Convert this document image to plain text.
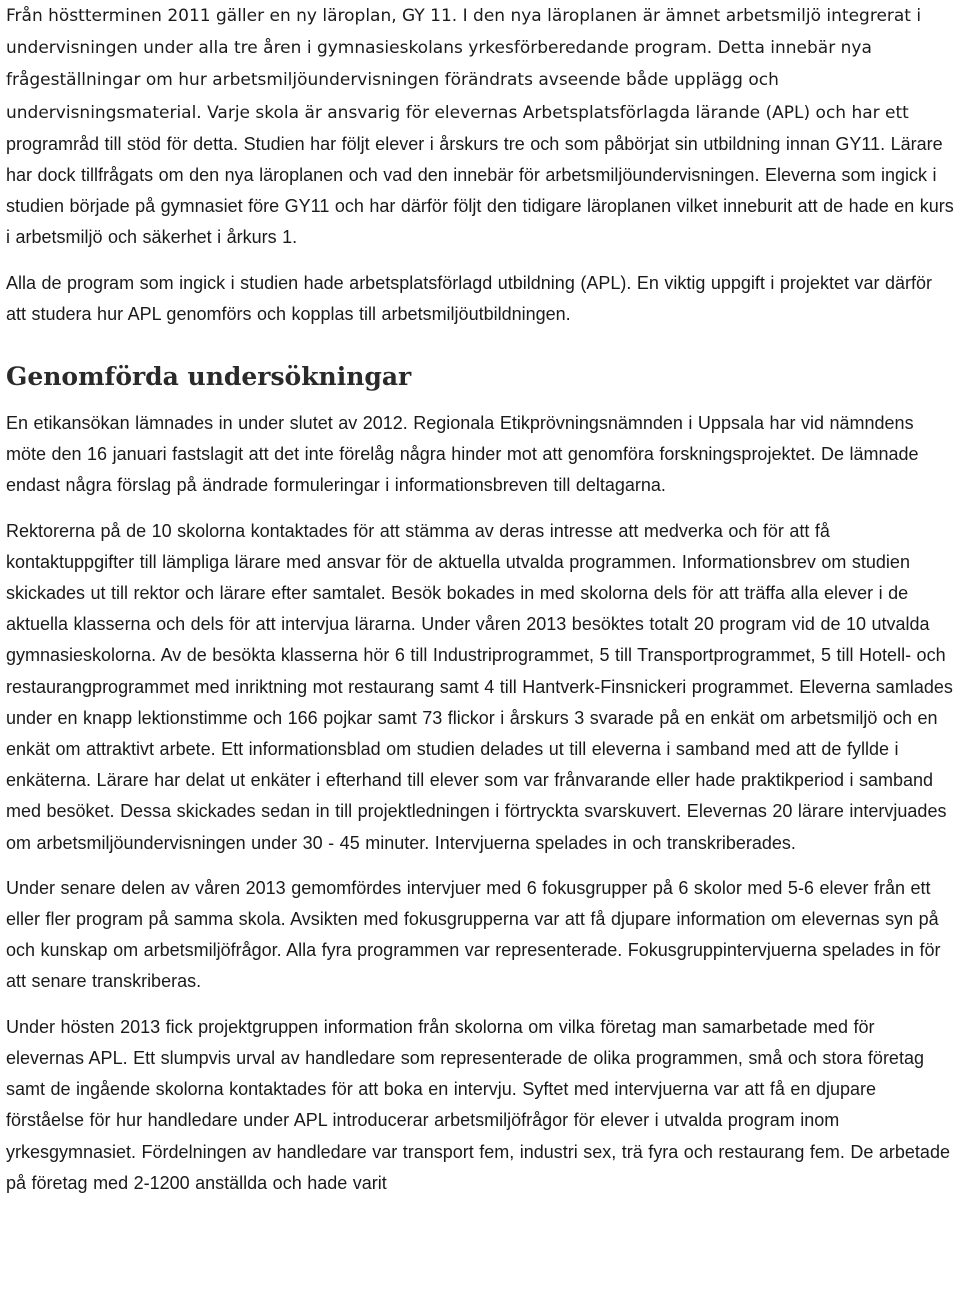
Från höstterminen 2011 gäller en ny läroplan, GY 11. I den nya läroplanen är ämnet arbetsmiljö integrerat i undervisningen under alla tre åren i gymnasieskolans yrkesförberedande program. Detta innebär nya frågeställningar om hur arbetsmiljöundervisningen förändrats avseende både upplägg och undervisningsmaterial. Varje skola är ansvarig för elevernas Arbetsplatsförlagda lärande (APL) och har ett programråd till stöd för detta. Studien har följt elever i årskurs tre och som påbörjat sin utbildning innan GY11. Lärare har dock tillfrågats om den nya läroplanen och vad den innebär för arbetsmiljöundervisningen. Eleverna som ingick i studien började på gymnasiet före GY11 och har därför följt den tidigare läroplanen vilket inneburit att de hade en kurs i arbetsmiljö och säkerhet i årkurs 1.

Alla de program som ingick i studien hade arbetsplatsförlagd utbildning (APL). En viktig uppgift i projektet var därför att studera hur APL genomförs och kopplas till arbetsmiljöutbildningen.

Genomförda undersökningar

En etikansökan lämnades in under slutet av 2012. Regionala Etikprövningsnämnden i Uppsala har vid nämndens möte den 16 januari fastslagit att det inte förelåg några hinder mot att genomföra forskningsprojektet. De lämnade endast några förslag på ändrade formuleringar i informationsbreven till deltagarna.

Rektorerna på de 10 skolorna kontaktades för att stämma av deras intresse att medverka och för att få kontaktuppgifter till lämpliga lärare med ansvar för de aktuella utvalda programmen. Informationsbrev om studien skickades ut till rektor och lärare efter samtalet. Besök bokades in med skolorna dels för att träffa alla elever i de aktuella klasserna och dels för att intervjua lärarna. Under våren 2013 besöktes totalt 20 program vid de 10 utvalda gymnasieskolorna. Av de besökta klasserna hör 6 till Industriprogrammet, 5 till Transportprogrammet, 5 till Hotell- och restaurangprogrammet med inriktning mot restaurang samt 4 till Hantverk-Finsnickeri programmet. Eleverna samlades under en knapp lektionstimme och 166 pojkar samt 73 flickor i årskurs 3 svarade på en enkät om arbetsmiljö och en enkät om attraktivt arbete. Ett informationsblad om studien delades ut till eleverna i samband med att de fyllde i enkäterna. Lärare har delat ut enkäter i efterhand till elever som var frånvarande eller hade praktikperiod i samband med besöket. Dessa skickades sedan in till projektledningen i förtryckta svarskuvert. Elevernas 20 lärare intervjuades om arbetsmiljöundervisningen under 30 - 45 minuter. Intervjuerna spelades in och transkriberades.

Under senare delen av våren 2013 gemomfördes intervjuer med 6 fokusgrupper på 6 skolor med 5-6 elever från ett eller fler program på samma skola. Avsikten med fokusgrupperna var att få djupare information om elevernas syn på och kunskap om arbetsmiljöfrågor. Alla fyra programmen var representerade. Fokusgruppintervjuerna spelades in för att senare transkriberas.

Under hösten 2013 fick projektgruppen information från skolorna om vilka företag man samarbetade med för elevernas APL. Ett slumpvis urval av handledare som representerade de olika programmen, små och stora företag samt de ingående skolorna kontaktades för att boka en intervju. Syftet med intervjuerna var att få en djupare förståelse för hur handledare under APL introducerar arbetsmiljöfrågor för elever i utvalda program inom yrkesgymnasiet. Fördelningen av handledare var transport fem, industri sex, trä fyra och restaurang fem. De arbetade på företag med 2-1200 anställda och hade varit
